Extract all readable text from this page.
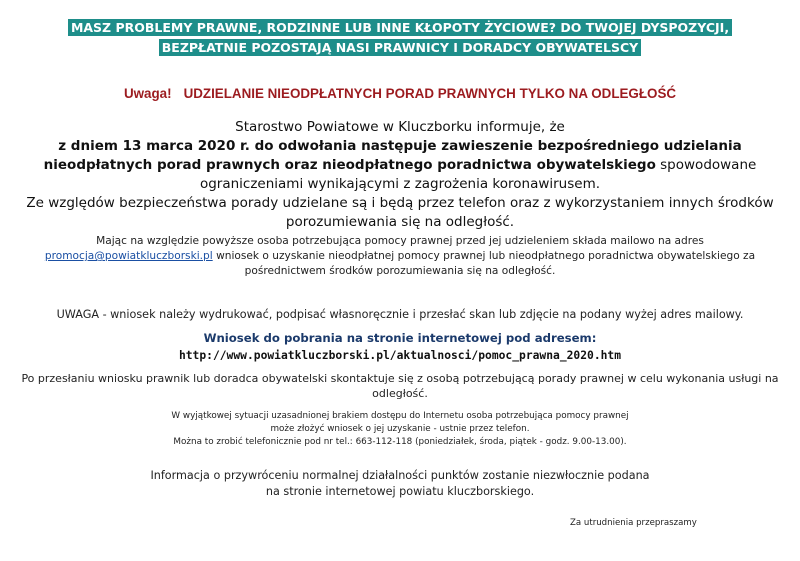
MASZ PROBLEMY PRAWNE, RODZINNE LUB INNE KŁOPOTY ŻYCIOWE? DO TWOJEJ DYSPOZYCJI,
BEZPŁATNIE POZOSTAJĄ NASI PRAWNICY I DORADCY OBYWATELSCY
Uwaga! UDZIELANIE NIEODPŁATNYCH PORAD PRAWNYCH TYLKO NA ODLEGŁOŚĆ
Starostwo Powiatowe w Kluczborku informuje, że
z dniem 13 marca 2020 r. do odwołania następuje zawieszenie bezpośredniego udzielania nieodpłatnych porad prawnych oraz nieodpłatnego poradnictwa obywatelskiego spowodowane ograniczeniami wynikającymi z zagrożenia koronawirusem.
Ze względów bezpieczeństwa porady udzielane są i będą przez telefon oraz z wykorzystaniem innych środków porozumiewania się na odległość.
Mając na względzie powyższe osoba potrzebująca pomocy prawnej przed jej udzieleniem składa mailowo na adres
promocja@powiatkluczborski.pl wniosek o uzyskanie nieodpłatnej pomocy prawnej lub nieodpłatnego poradnictwa obywatelskiego za pośrednictwem środków porozumiewania się na odległość.
UWAGA - wniosek należy wydrukować, podpisać własnoręcznie i przesłać skan lub zdjęcie na podany wyżej adres mailowy.
Wniosek do pobrania na stronie internetowej pod adresem:
http://www.powiatkluczborski.pl/aktualnosci/pomoc_prawna_2020.htm
Po przesłaniu wniosku prawnik lub doradca obywatelski skontaktuje się z osobą potrzebującą porady prawnej w celu wykonania usługi na odległość.
W wyjątkowej sytuacji uzasadnionej brakiem dostępu do Internetu osoba potrzebująca pomocy prawnej
może złożyć wniosek o jej uzyskanie - ustnie przez telefon.
Można to zrobić telefonicznie pod nr tel.: 663-112-118 (poniedziałek, środa, piątek - godz. 9.00-13.00).
Informacja o przywróceniu normalnej działalności punktów zostanie niezwłocznie podana
na stronie internetowej powiatu kluczborskiego.
Za utrudnienia przepraszamy
